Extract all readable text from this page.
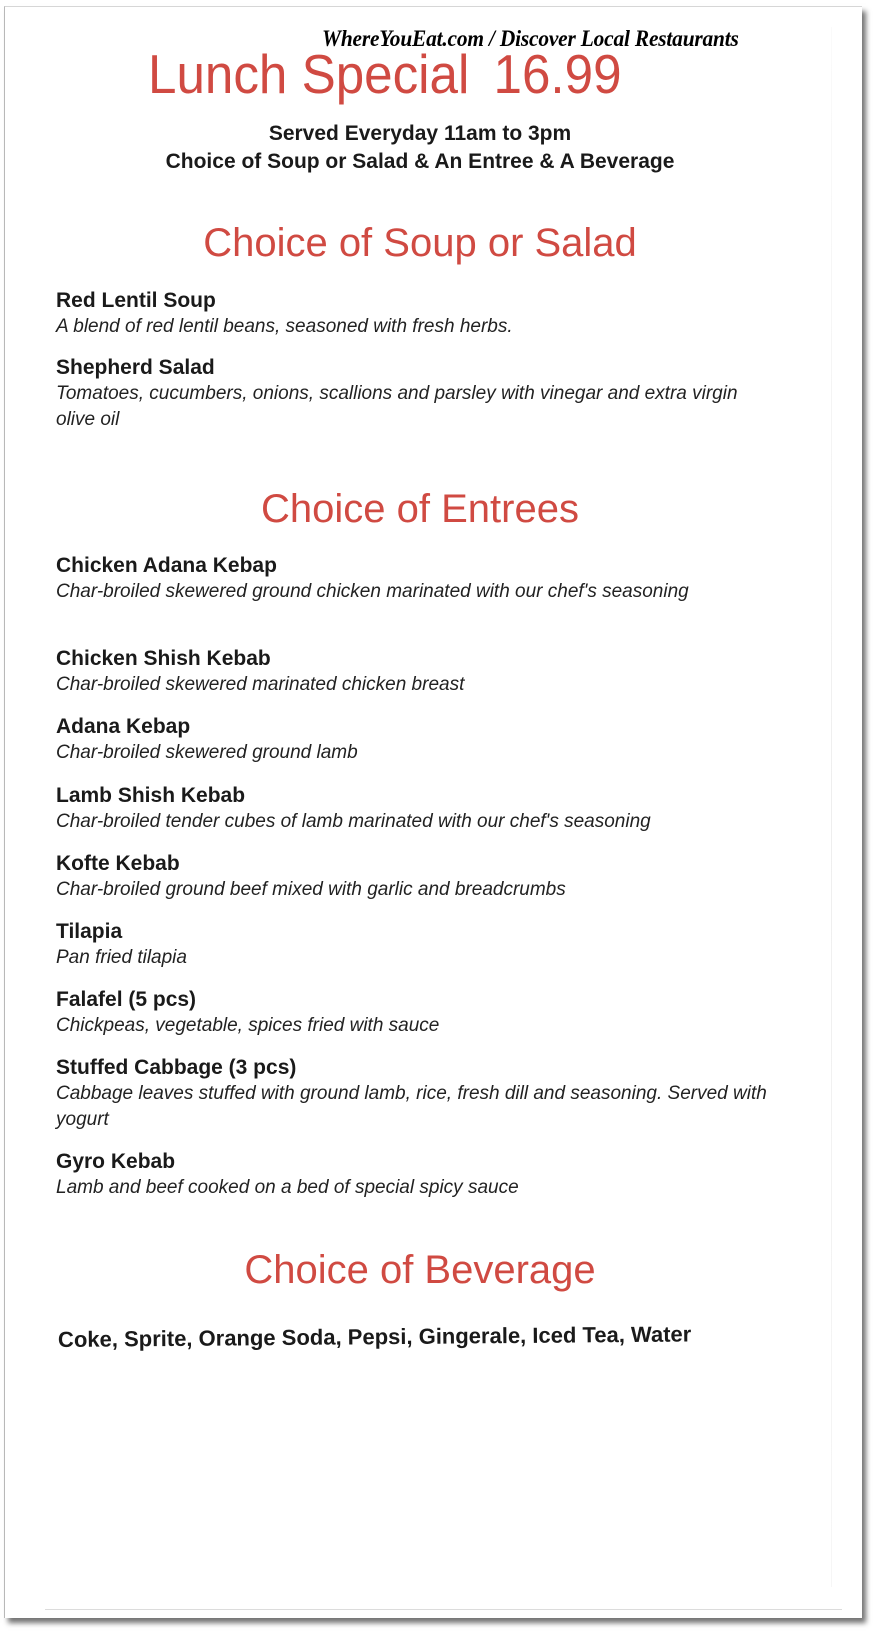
WhereYouEat.com / Discover Local Restaurants
Lunch Special 16.99
Served Everyday 11am to 3pm
Choice of Soup or Salad & An Entree & A Beverage
Choice of Soup or Salad
Red Lentil Soup
A blend of red lentil beans, seasoned with fresh herbs.
Shepherd Salad
Tomatoes, cucumbers, onions, scallions and parsley with vinegar and extra virgin olive oil
Choice of Entrees
Chicken Adana Kebap
Char-broiled skewered ground chicken marinated with our chef's seasoning
Chicken Shish Kebab
Char-broiled skewered marinated chicken breast
Adana Kebap
Char-broiled skewered ground lamb
Lamb Shish Kebab
Char-broiled tender cubes of lamb marinated with our chef's seasoning
Kofte Kebab
Char-broiled ground beef mixed with garlic and breadcrumbs
Tilapia
Pan fried tilapia
Falafel (5 pcs)
Chickpeas, vegetable, spices fried with sauce
Stuffed Cabbage (3 pcs)
Cabbage leaves stuffed with ground lamb, rice, fresh dill and seasoning. Served with yogurt
Gyro Kebab
Lamb and beef cooked on a bed of special spicy sauce
Choice of Beverage
Coke, Sprite, Orange Soda, Pepsi, Gingerale, Iced Tea, Water
